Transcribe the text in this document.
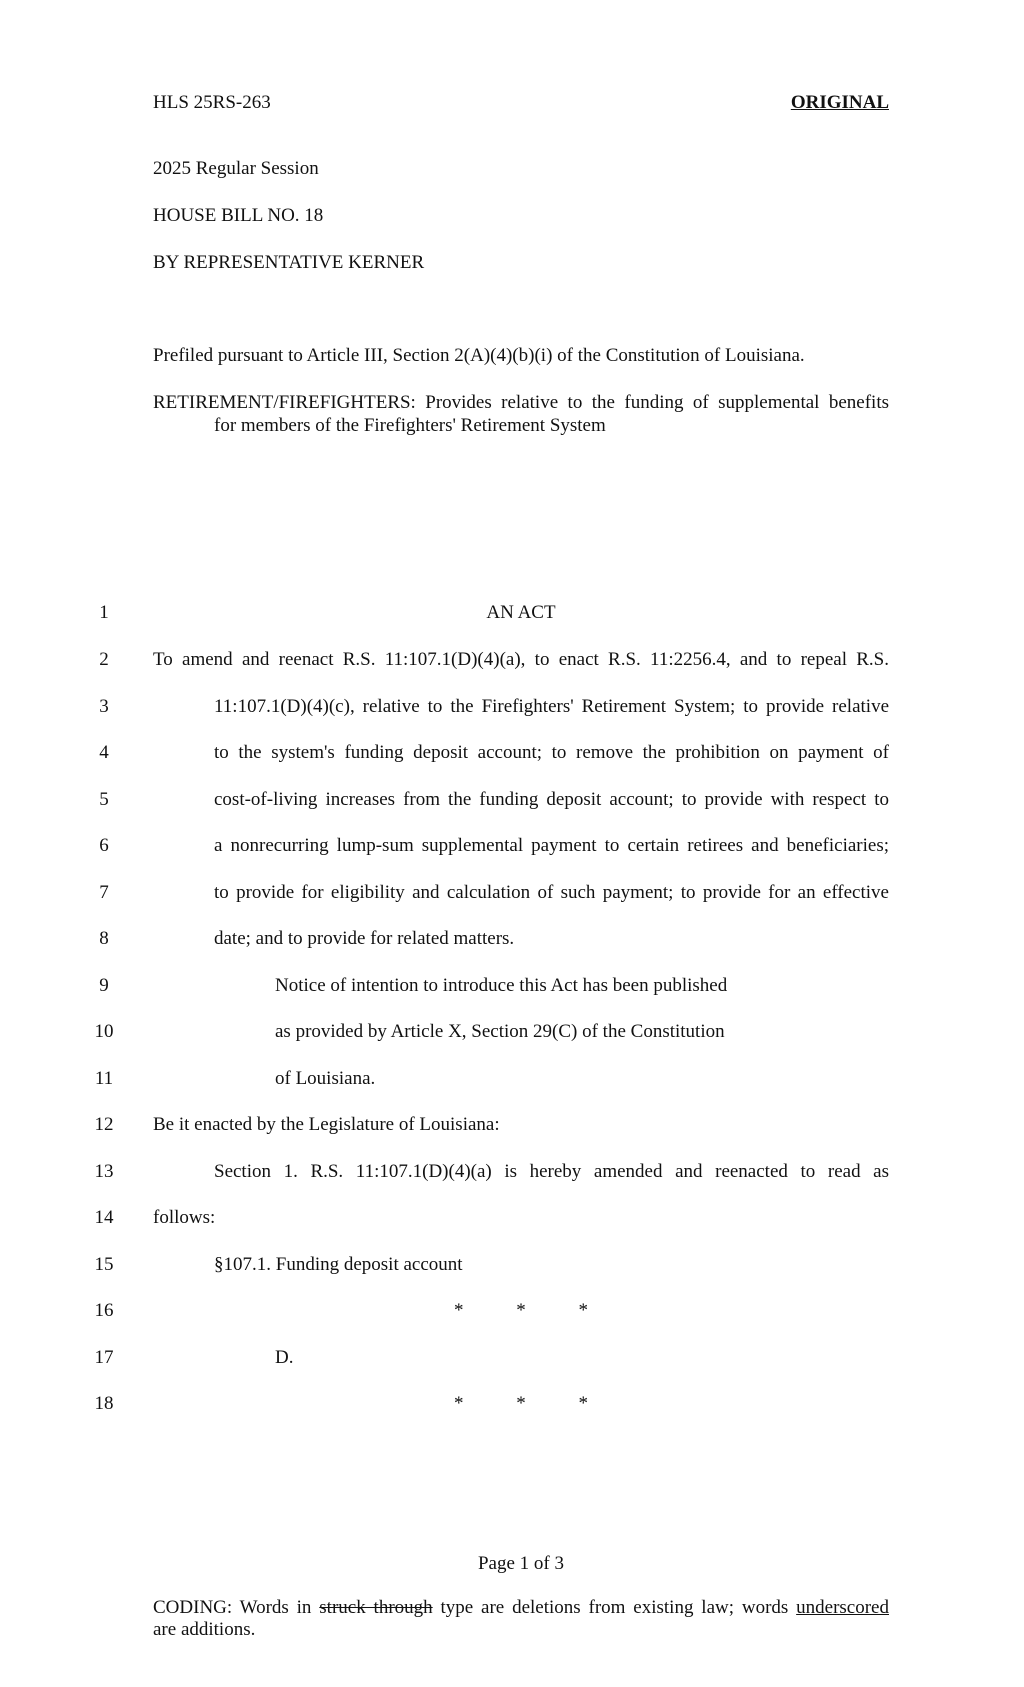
HLS 25RS-263	ORIGINAL
2025 Regular Session
HOUSE BILL NO. 18
BY REPRESENTATIVE KERNER
Prefiled pursuant to Article III, Section 2(A)(4)(b)(i) of the Constitution of Louisiana.
RETIREMENT/FIREFIGHTERS: Provides relative to the funding of supplemental benefits
for members of the Firefighters' Retirement System
1	AN ACT
2	To amend and reenact R.S. 11:107.1(D)(4)(a), to enact R.S. 11:2256.4, and to repeal R.S.
3	11:107.1(D)(4)(c), relative to the Firefighters' Retirement System; to provide relative
4	to the system's funding deposit account; to remove the prohibition on payment of
5	cost-of-living increases from the funding deposit account; to provide with respect to
6	a nonrecurring lump-sum supplemental payment to certain retirees and beneficiaries;
7	to provide for eligibility and calculation of such payment; to provide for an effective
8	date; and to provide for related matters.
9	Notice of intention to introduce this Act has been published
10	as provided by Article X, Section 29(C) of the Constitution
11	of Louisiana.
12	Be it enacted by the Legislature of Louisiana:
13	Section 1. R.S. 11:107.1(D)(4)(a) is hereby amended and reenacted to read as
14	follows:
15	§107.1. Funding deposit account
16	* * *
17	D.
18	* * *
Page 1 of 3
CODING: Words in struck through type are deletions from existing law; words underscored
are additions.
